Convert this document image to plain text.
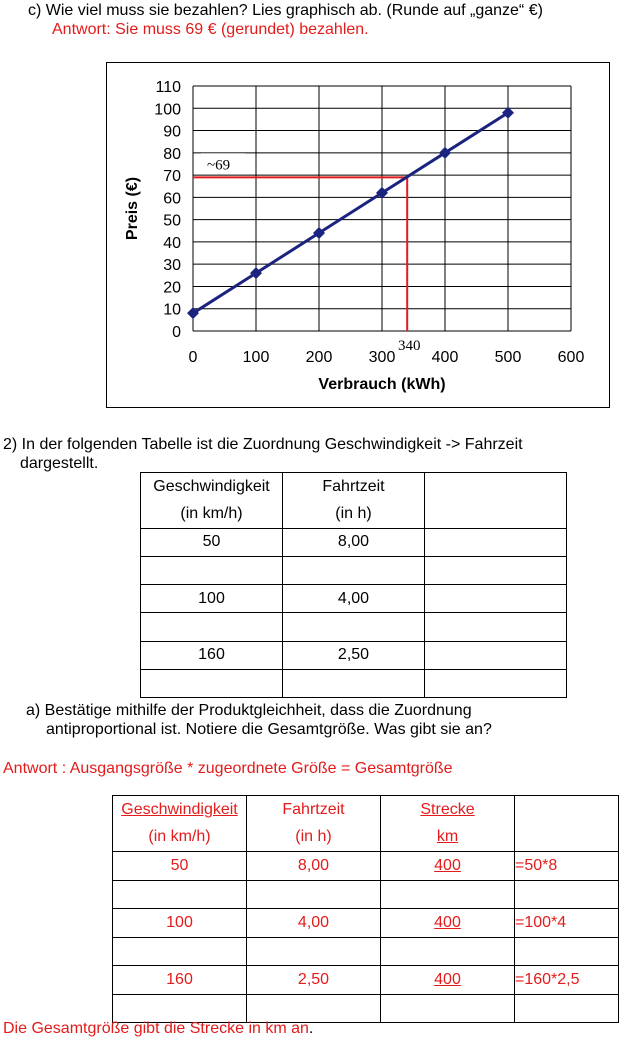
c) Wie viel muss sie bezahlen? Lies graphisch ab. (Runde auf „ganze“ €)
Antwort: Sie muss 69 € (gerundet) bezahlen.
0
10
20
30
40
50
60
70
80
90
100
110
0	100 200 300 400 500 600
Verbrauch (kWh)
Preis (€)
~69
340
2) In der folgenden Tabelle ist die Zuordnung Geschwindigkeit -> Fahrzeit
dargestellt.
Geschwindigkeit	Fahrtzeit	
(in km/h)	(in h)	
50	8,00	

100	4,00	

160	2,50	

a) Bestätige mithilfe der Produktgleichheit, dass die Zuordnung
antiproportional ist. Notiere die Gesamtgröße. Was gibt sie an?
Antwort : Ausgangsgröße * zugeordnete Größe = Gesamtgröße
Geschwindigkeit	Fahrtzeit	Strecke	
(in km/h)	(in h)	km	
50	8,00	400	=50*8

100	4,00	400	=100*4

160	2,50	400	=160*2,5

Die Gesamtgröße gibt die Strecke in km an.
